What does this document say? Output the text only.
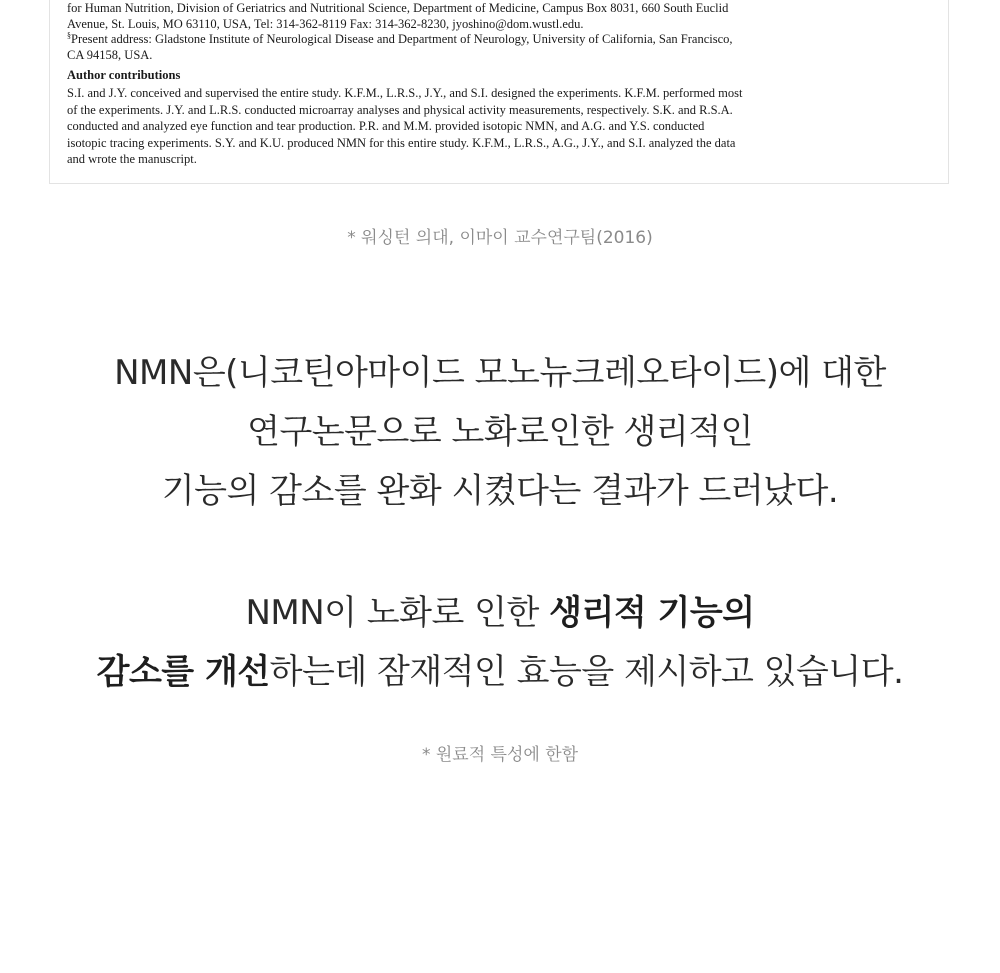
for Human Nutrition, Division of Geriatrics and Nutritional Science, Department of Medicine, Campus Box 8031, 660 South Euclid

Avenue, St. Louis, MO 63110, USA, Tel: 314-362-8119 Fax: 314-362-8230, jyoshino@dom.wustl.edu.

§Present address: Gladstone Institute of Neurological Disease and Department of Neurology, University of California, San Francisco,

CA 94158, USA.

Author contributions

S.I. and J.Y. conceived and supervised the entire study. K.F.M., L.R.S., J.Y., and S.I. designed the experiments. K.F.M. performed most
of the experiments. J.Y. and L.R.S. conducted microarray analyses and physical activity measurements, respectively. S.K. and R.S.A.
conducted and analyzed eye function and tear production. P.R. and M.M. provided isotopic NMN, and A.G. and Y.S. conducted
isotopic tracing experiments. S.Y. and K.U. produced NMN for this entire study. K.F.M., L.R.S., A.G., J.Y., and S.I. analyzed the data
and wrote the manuscript.

* 워싱턴 의대, 이마이 교수연구팀(2016)

NMN은(니코틴아마이드 모노뉴크레오타이드)에 대한
연구논문으로 노화로인한 생리적인
기능의 감소를 완화 시켰다는 결과가 드러났다.
NMN이 노화로 인한 생리적 기능의
감소를 개선하는데 잠재적인 효능을 제시하고 있습니다.

* 원료적 특성에 한함
